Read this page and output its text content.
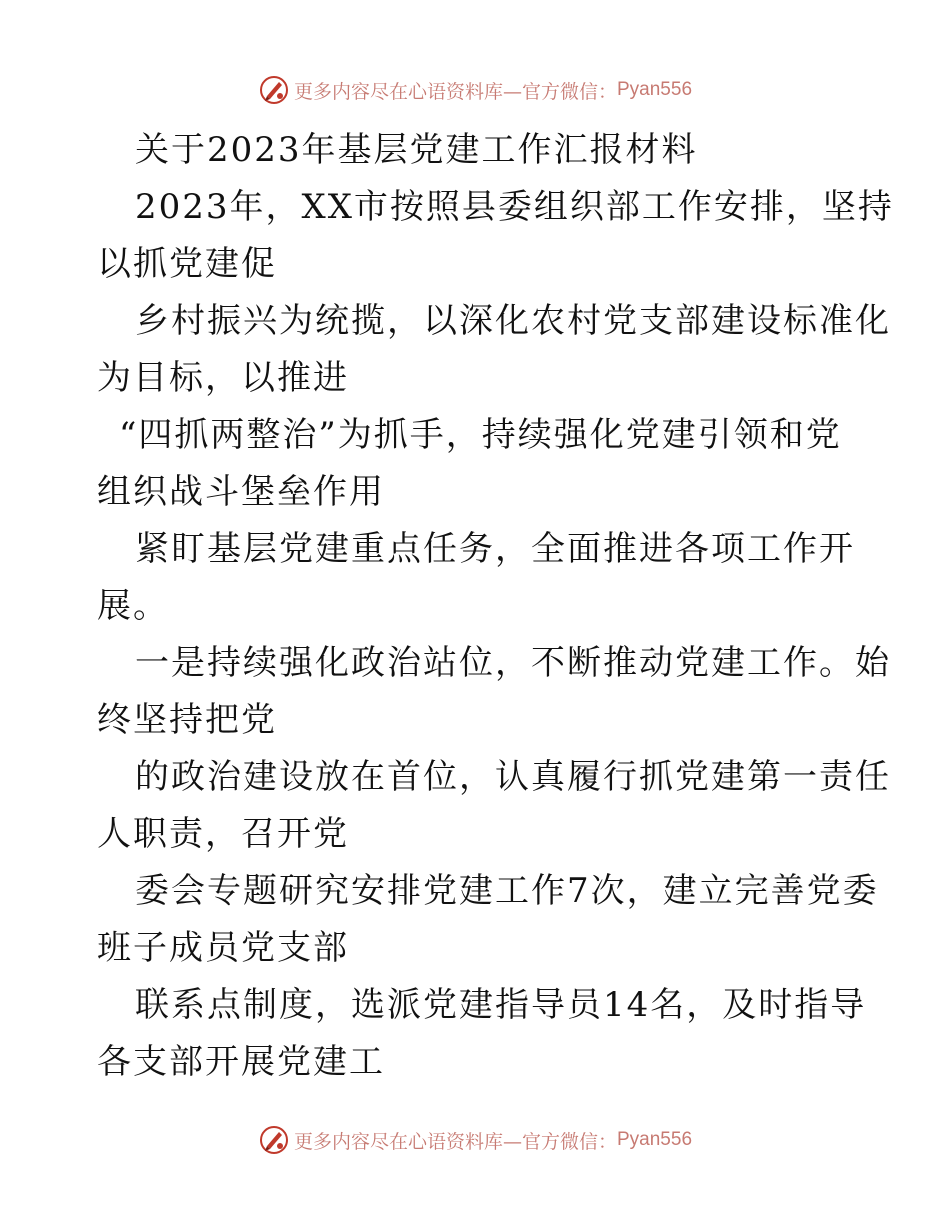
更多内容尽在心语资料库—官方微信： Pyan556
关于2023年基层党建工作汇报材料
2023年，XX市按照县委组织部工作安排，坚持
以抓党建促
乡村振兴为统揽，以深化农村党支部建设标准化
为目标，以推进
“四抓两整治”为抓手，持续强化党建引领和党
组织战斗堡垒作用
紧盯基层党建重点任务，全面推进各项工作开
展。
一是持续强化政治站位，不断推动党建工作。始
终坚持把党
的政治建设放在首位，认真履行抓党建第一责任
人职责，召开党
委会专题研究安排党建工作7次，建立完善党委
班子成员党支部
联系点制度，选派党建指导员14名，及时指导
各支部开展党建工
更多内容尽在心语资料库—官方微信： Pyan556
